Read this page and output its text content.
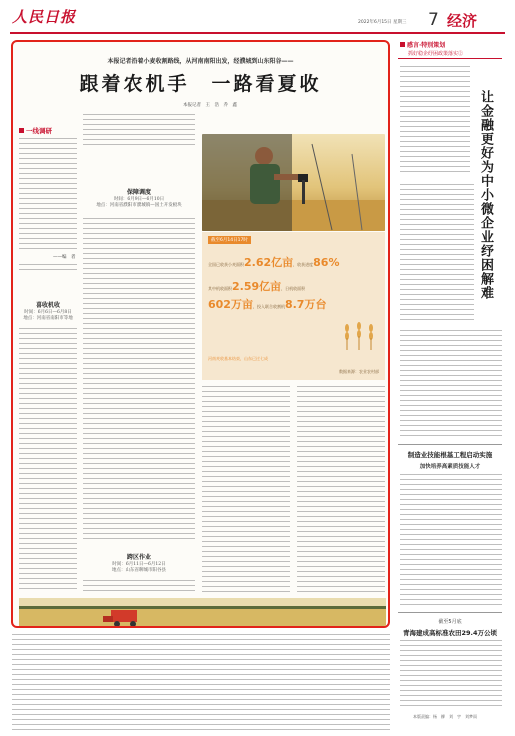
人民日报	2022年6月15日 星期三 7 经济
本报记者沿着小麦收割路线，从河南南阳出发，经濮城到山东阳谷——
跟着农机手　一路看夏收
本报记者　王　浩　乔　鑫
一线调研
——编　者
喜收机收
时间：6月6日—6月8日
地点：河南省南阳市等地
保障调度
时间：6月9日—6月10日
地点：河南省濮阳市濮城镇—国土开发板块
跨区作业
时间：6月11日—6月12日
地点：山东省聊城市阳谷县
截至6月14日17时
全国已收获小麦面积2.62亿亩，收获进度86%
其中机收面积2.59亿亩，日机收面积
602万亩，投入联合收割机8.7万台
河南麦收基本结束，山东已过七成
数据来源：农业农村部
感言·特别策划
抓好稳企纾困政策落实②
让金融更好为中小微企业纾困解难
制造业技能根基工程启动实施
加快培养高素质技能人才
截至5月底
青海建成高标准农田29.4万公顷
本版责编：杨　柳　刘　宇　刘梦雨
